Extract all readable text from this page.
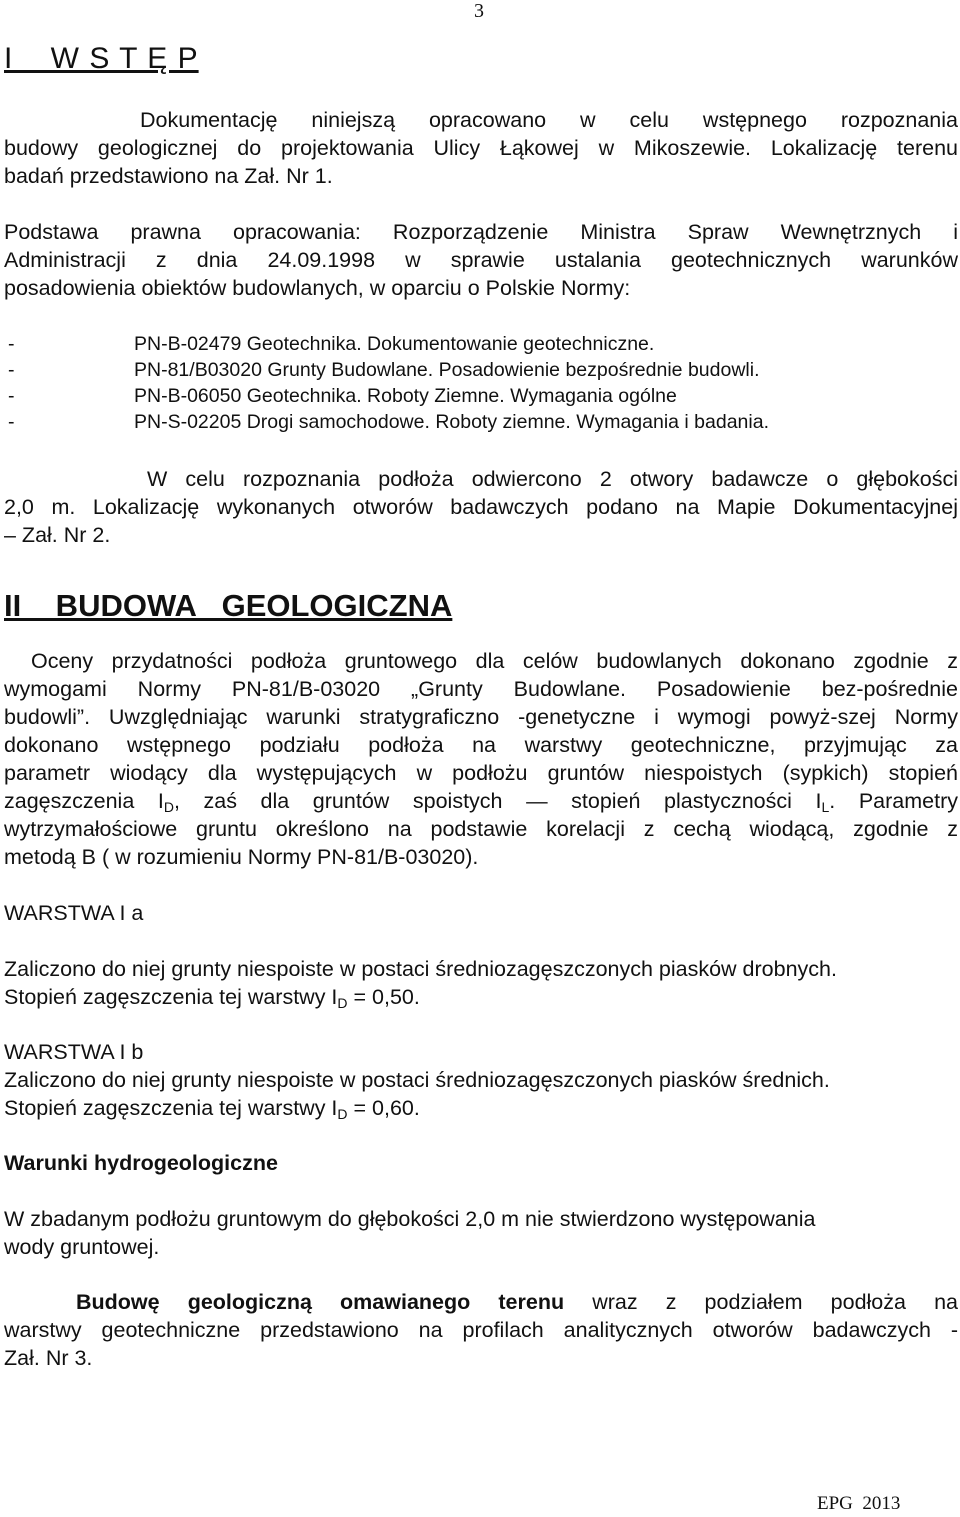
3
I    W S T Ę P
Dokumentację niniejszą opracowano w celu wstępnego rozpoznania
budowy geologicznej do projektowania Ulicy Łąkowej w Mikoszewie. Lokalizację terenu
badań przedstawiono na Zał. Nr 1.
Podstawa prawna opracowania: Rozporządzenie Ministra Spraw Wewnętrznych i
Administracji z dnia 24.09.1998 w sprawie ustalania geotechnicznych warunków
posadowienia obiektów budowlanych, w oparciu o Polskie Normy:
-	PN-B-02479 Geotechnika. Dokumentowanie geotechniczne.
-	PN-81/B03020 Grunty Budowlane. Posadowienie bezpośrednie budowli.
-	PN-B-06050 Geotechnika. Roboty Ziemne. Wymagania ogólne
-	PN-S-02205 Drogi samochodowe. Roboty ziemne. Wymagania i badania.
W celu rozpoznania podłoża odwiercono 2 otwory badawcze o głębokości
2,0 m. Lokalizację wykonanych otworów badawczych podano na Mapie Dokumentacyjnej
– Zał. Nr 2.
II    BUDOWA   GEOLOGICZNA
Oceny przydatności podłoża gruntowego dla celów budowlanych dokonano zgodnie z
wymogami Normy PN-81/B-03020 „Grunty Budowlane. Posadowienie bez-pośrednie
budowli”. Uwzględniając warunki stratygraficzno -genetyczne i wymogi powyż-szej Normy
dokonano wstępnego podziału podłoża na warstwy geotechniczne, przyjmując za
parametr wiodący dla występujących w podłożu gruntów niespoistych (sypkich) stopień
zagęszczenia $I_D$, zaś dla gruntów spoistych — stopień plastyczności $I_L$. Parametry
wytrzymałościowe gruntu określono na podstawie korelacji z cechą wiodącą, zgodnie z
metodą B ( w rozumieniu Normy PN-81/B-03020).
WARSTWA I a
Zaliczono do niej grunty niespoiste w postaci średniozagęszczonych piasków drobnych.
Stopień zagęszczenia tej warstwy $I_D = 0,50$.
WARSTWA I b
Zaliczono do niej grunty niespoiste w postaci średniozagęszczonych piasków średnich.
Stopień zagęszczenia tej warstwy $I_D = 0,60$.
Warunki hydrogeologiczne
W zbadanym podłożu gruntowym do głębokości 2,0 m nie stwierdzono występowania
wody gruntowej.
Budowę geologiczną omawianego terenu wraz z podziałem podłoża na
warstwy geotechniczne przedstawiono na profilach analitycznych otworów badawczych -
Zał. Nr 3.
EPG  2013
